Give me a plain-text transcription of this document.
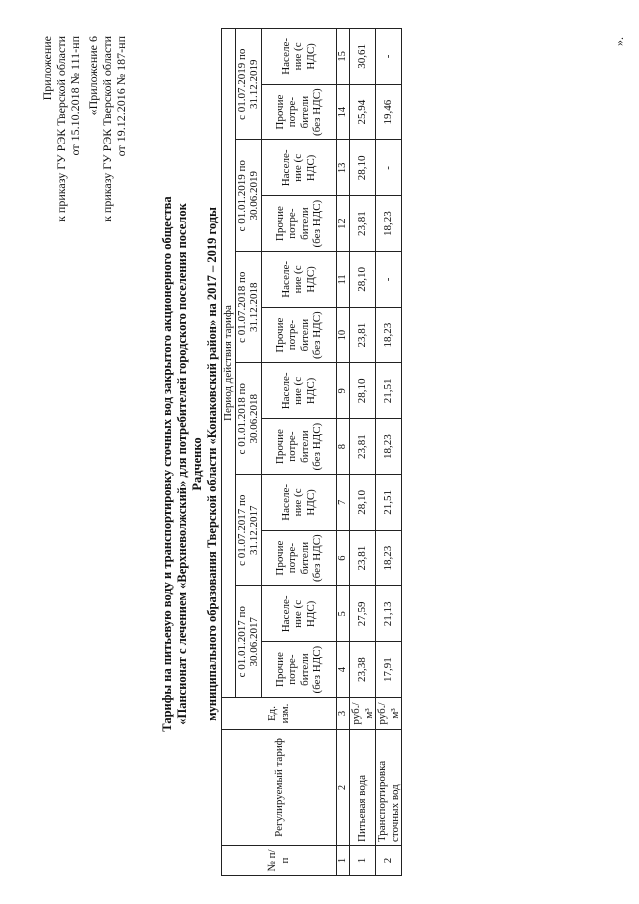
Приложение к приказу ГУ РЭК Тверской области от 15.10.2018 № 111-нп «Приложение 6 к приказу ГУ РЭК Тверской области от 19.12.2016 № 187-нп
Тарифы на питьевую воду и транспортировку сточных вод закрытого акционерного общества «Пансионат с лечением «Верхневолжский» для потребителей городского поселения поселок Радченко муниципального образования Тверской области «Конаковский район» на 2017 – 2019 годы
№ п/п	Регулируемый тариф	Ед. изм.	Период действия тарифа											
			с 01.01.2017 по 30.06.2017		с 01.07.2017 по 31.12.2017		с 01.01.2018 по 30.06.2018		с 01.07.2018 по 31.12.2018		с 01.01.2019 по 30.06.2019		с 01.07.2019 по 31.12.2019	
			Прочие потре-бители (без НДС)	Населе-ние (с НДС)	Прочие потре-бители (без НДС)	Населе-ние (с НДС)	Прочие потре-бители (без НДС)	Населе-ние (с НДС)	Прочие потре-бители (без НДС)	Населе-ние (с НДС)	Прочие потре-бители (без НДС)	Населе-ние (с НДС)	Прочие потре-бители (без НДС)	Населе-ние (с НДС)
1	2	3	4	5	6	7	8	9	10	11	12	13	14	15
1	Питьевая вода	руб./м³	23,38	27,59	23,81	28,10	23,81	28,10	23,81	28,10	23,81	28,10	25,94	30,61
2	Транспортировка сточных вод	руб./м³	17,91	21,13	18,23	21,51	18,23	21,51	18,23	-	18,23	-	19,46	-
».
